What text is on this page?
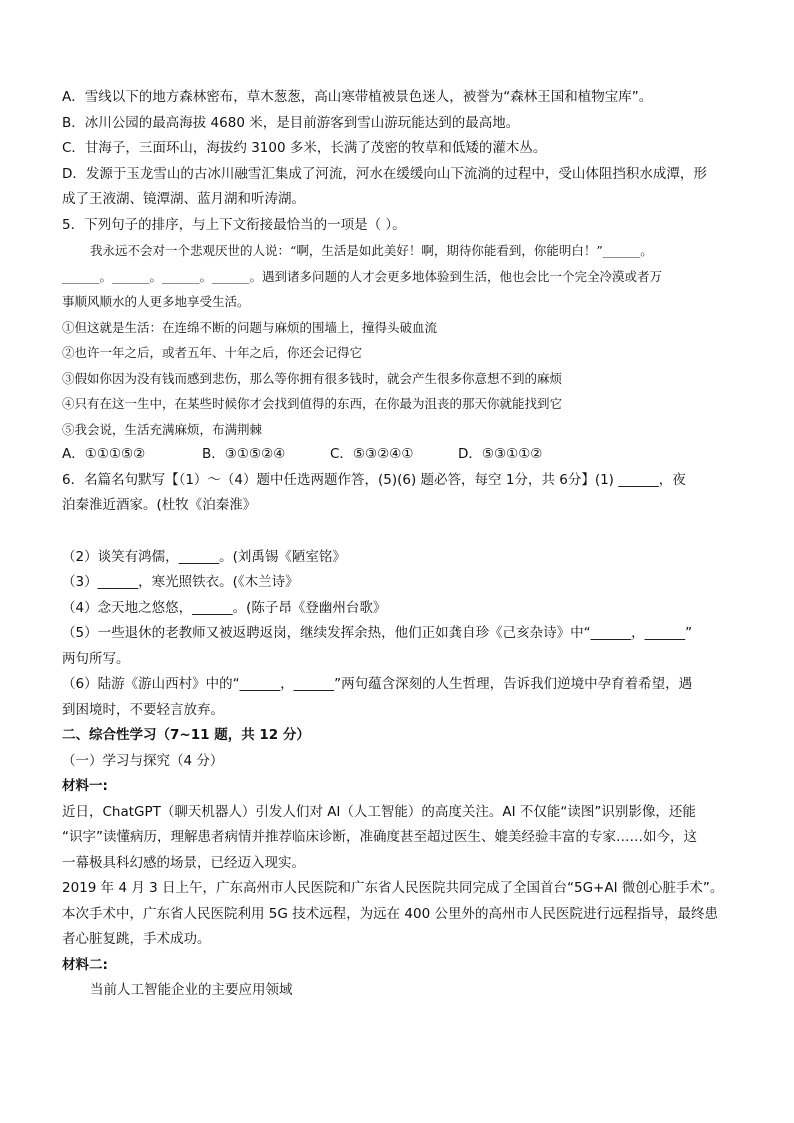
A．雪线以下的地方森林密布，草木葱葱，高山寒带植被景色迷人，被誉为“森林王国和植物宝库”。

B．冰川公园的最高海拔 4680 米，是目前游客到雪山游玩能达到的最高地。

C．甘海子，三面环山，海拔约 3100 多米，长满了茂密的牧草和低矮的灌木丛。

D．发源于玉龙雪山的古冰川融雪汇集成了河流，河水在缓缓向山下流淌的过程中，受山体阻挡积水成潭，形

成了王液湖、镜潭湖、蓝月湖和听涛湖。

5．下列句子的排序，与上下文衔接最恰当的一项是（ ）。

我永远不会对一个悲观厌世的人说：“啊，生活是如此美好！啊，期待你能看到，你能明白！”______。

______。______。______。______。遇到诸多问题的人才会更多地体验到生活，他也会比一个完全冷漠或者万

事顺风顺水的人更多地享受生活。

①但这就是生活：在连绵不断的问题与麻烦的围墙上，撞得头破血流

②也许一年之后，或者五年、十年之后，你还会记得它

③假如你因为没有钱而感到悲伤，那么等你拥有很多钱时，就会产生很多你意想不到的麻烦

④只有在这一生中，在某些时候你才会找到值得的东西，在你最为沮丧的那天你就能找到它

⑤我会说，生活充满麻烦，布满荆棘

A．①①①⑤②	B．③①⑤②④	C．⑤③②④①	D．⑤③①①②

6．名篇名句默写【（1）～（4）题中任选两题作答，(5)(6) 题必答，每空 1分，共 6分】(1) ______，夜

泊秦淮近酒家。(杜牧《泊秦淮》

（2）谈笑有鸿儒，______。(刘禹锡《陋室铭》

（3）______，寒光照铁衣。(《木兰诗》

（4）念天地之悠悠，______。(陈子昂《登幽州台歌》

（5）一些退休的老教师又被返聘返岗，继续发挥余热，他们正如龚自珍《己亥杂诗》中“______，______”

两句所写。

（6）陆游《游山西村》中的“______，______”两句蕴含深刻的人生哲理，告诉我们逆境中孕育着希望，遇

到困境时，不要轻言放弃。

二、综合性学习（7~11 题，共 12 分）

（一）学习与探究（4 分）

材料一:

近日，ChatGPT（聊天机器人）引发人们对 AI（人工智能）的高度关注。AI 不仅能“读图”识别影像，还能

“识字”读懂病历，理解患者病情并推荐临床诊断，准确度甚至超过医生、媲美经验丰富的专家……如今，这

一幕极具科幻感的场景，已经迈入现实。

2019 年 4 月 3 日上午，广东高州市人民医院和广东省人民医院共同完成了全国首台“5G+AI 微创心脏手术”。

本次手术中，广东省人民医院利用 5G 技术远程，为远在 400 公里外的高州市人民医院进行远程指导，最终患

者心脏复跳，手术成功。

材料二:

当前人工智能企业的主要应用领域
